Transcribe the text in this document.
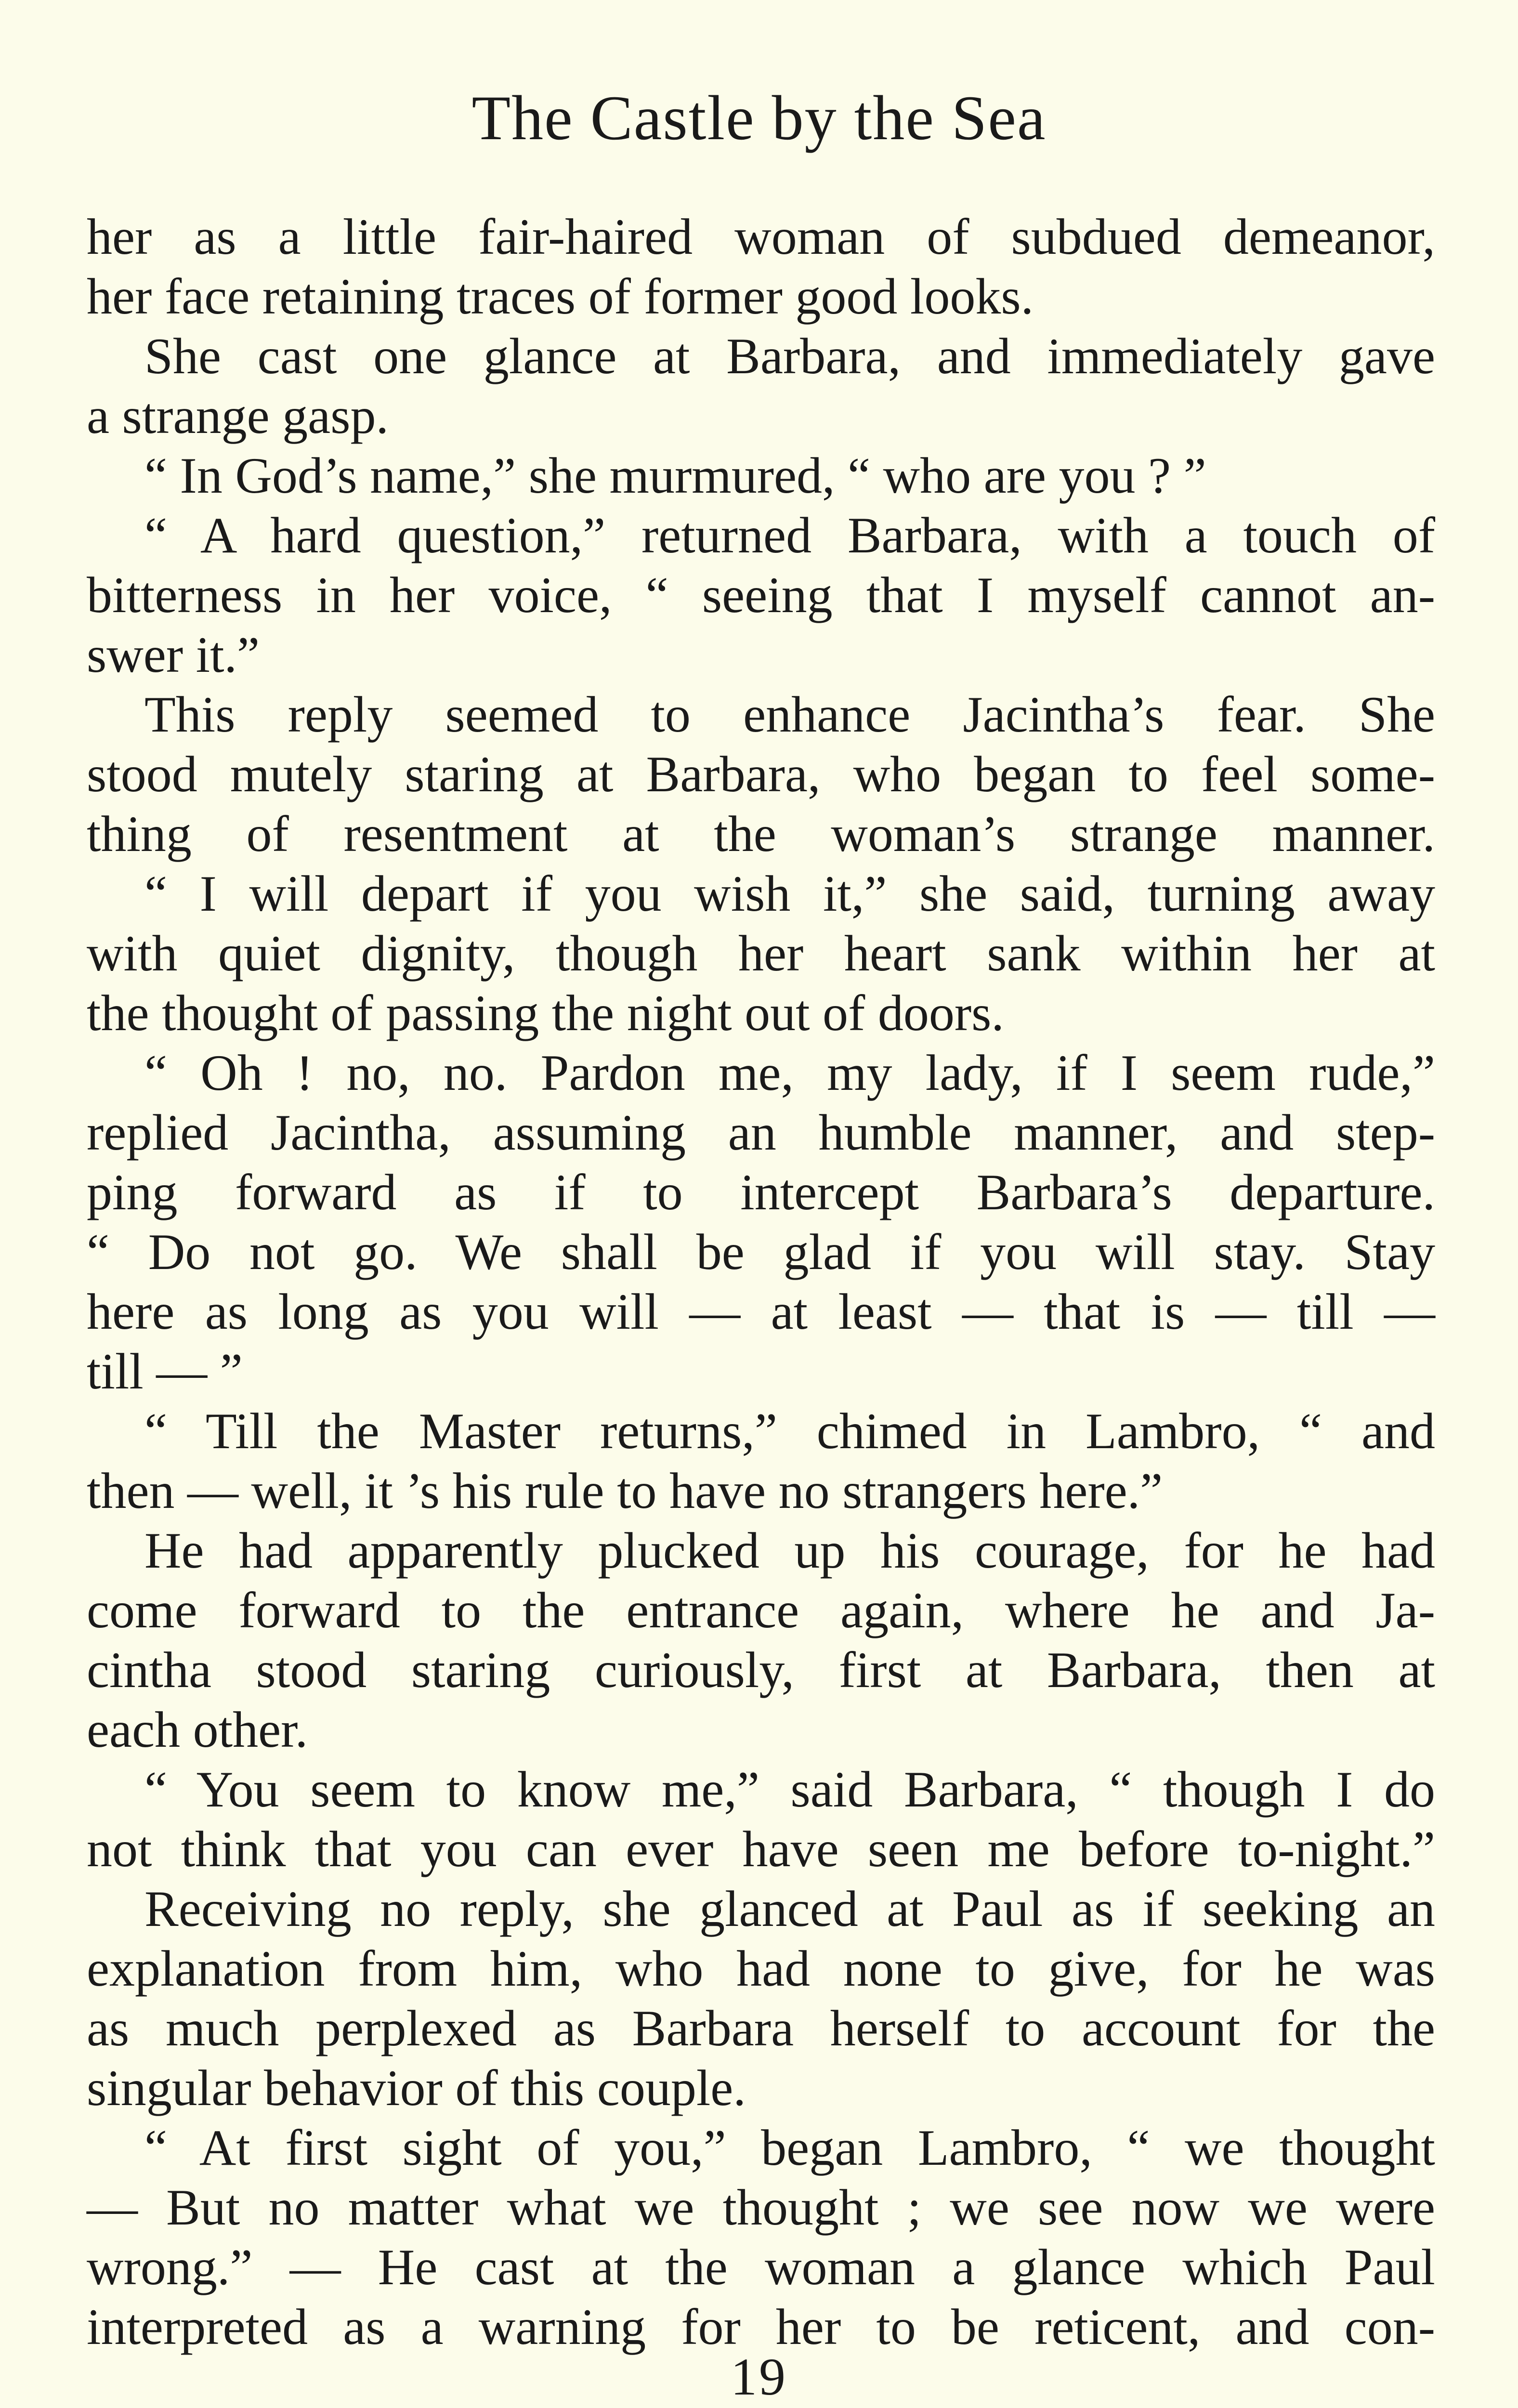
The Castle by the Sea
her as a little fair-haired woman of subdued demeanor,
her face retaining traces of former good looks.
She cast one glance at Barbara, and immediately gave
a strange gasp.
“ In God’s name,” she murmured, “ who are you ? ”
“ A hard question,” returned Barbara, with a touch of
bitterness in her voice, “ seeing that I myself cannot an-
swer it.”
This reply seemed to enhance Jacintha’s fear. She
stood mutely staring at Barbara, who began to feel some-
thing of resentment at the woman’s strange manner.
“ I will depart if you wish it,” she said, turning away
with quiet dignity, though her heart sank within her at
the thought of passing the night out of doors.
“ Oh ! no, no. Pardon me, my lady, if I seem rude,”
replied Jacintha, assuming an humble manner, and step-
ping forward as if to intercept Barbara’s departure.
“ Do not go. We shall be glad if you will stay. Stay
here as long as you will — at least — that is — till —
till — ”
“ Till the Master returns,” chimed in Lambro, “ and
then — well, it ’s his rule to have no strangers here.”
He had apparently plucked up his courage, for he had
come forward to the entrance again, where he and Ja-
cintha stood staring curiously, first at Barbara, then at
each other.
“ You seem to know me,” said Barbara, “ though I do
not think that you can ever have seen me before to-night.”
Receiving no reply, she glanced at Paul as if seeking an
explanation from him, who had none to give, for he was
as much perplexed as Barbara herself to account for the
singular behavior of this couple.
“ At first sight of you,” began Lambro, “ we thought
— But no matter what we thought ; we see now we were
wrong.” — He cast at the woman a glance which Paul
interpreted as a warning for her to be reticent, and con-
19
